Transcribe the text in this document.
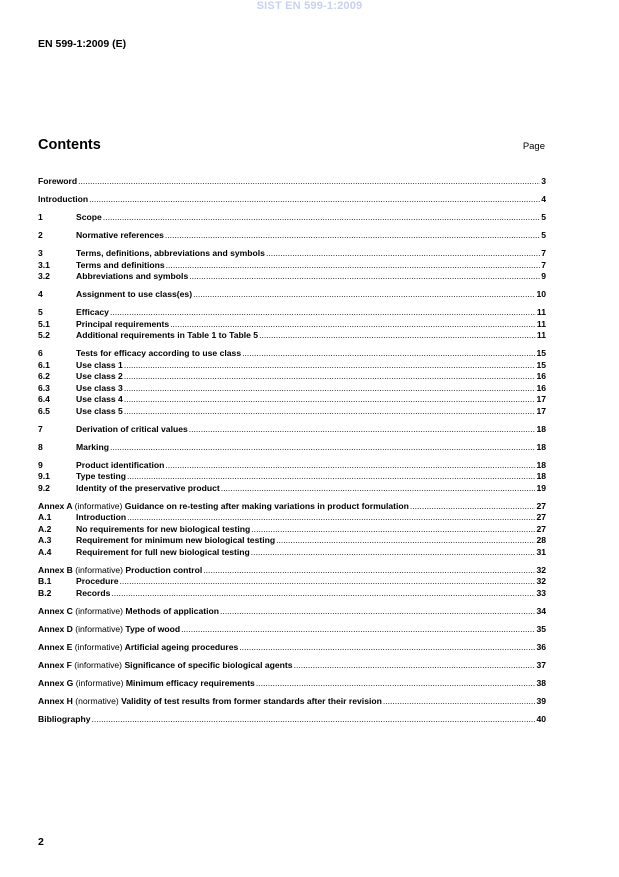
SIST EN 599-1:2009
EN 599-1:2009 (E)
Contents	Page
Foreword .....	3
Introduction .....	4
1	Scope .....	5
2	Normative references .....	5
3	Terms, definitions, abbreviations and symbols .....	7
3.1	Terms and definitions .....	7
3.2	Abbreviations and symbols .....	9
4	Assignment to use class(es) .....	10
5	Efficacy .....	11
5.1	Principal requirements .....	11
5.2	Additional requirements in Table 1 to Table 5 .....	11
6	Tests for efficacy according to use class .....	15
6.1	Use class 1 .....	15
6.2	Use class 2 .....	16
6.3	Use class 3 .....	16
6.4	Use class 4 .....	17
6.5	Use class 5 .....	17
7	Derivation of critical values .....	18
8	Marking .....	18
9	Product identification .....	18
9.1	Type testing .....	18
9.2	Identity of the preservative product .....	19
Annex A (informative) Guidance on re-testing after making variations in product formulation .....	27
A.1	Introduction .....	27
A.2	No requirements for new biological testing .....	27
A.3	Requirement for minimum new biological testing .....	28
A.4	Requirement for full new biological testing .....	31
Annex B (informative) Production control .....	32
B.1	Procedure .....	32
B.2	Records .....	33
Annex C (informative) Methods of application .....	34
Annex D (informative) Type of wood .....	35
Annex E (informative) Artificial ageing procedures .....	36
Annex F (informative) Significance of specific biological agents .....	37
Annex G (informative) Minimum efficacy requirements .....	38
Annex H (normative) Validity of test results from former standards after their revision .....	39
Bibliography .....	40
2
